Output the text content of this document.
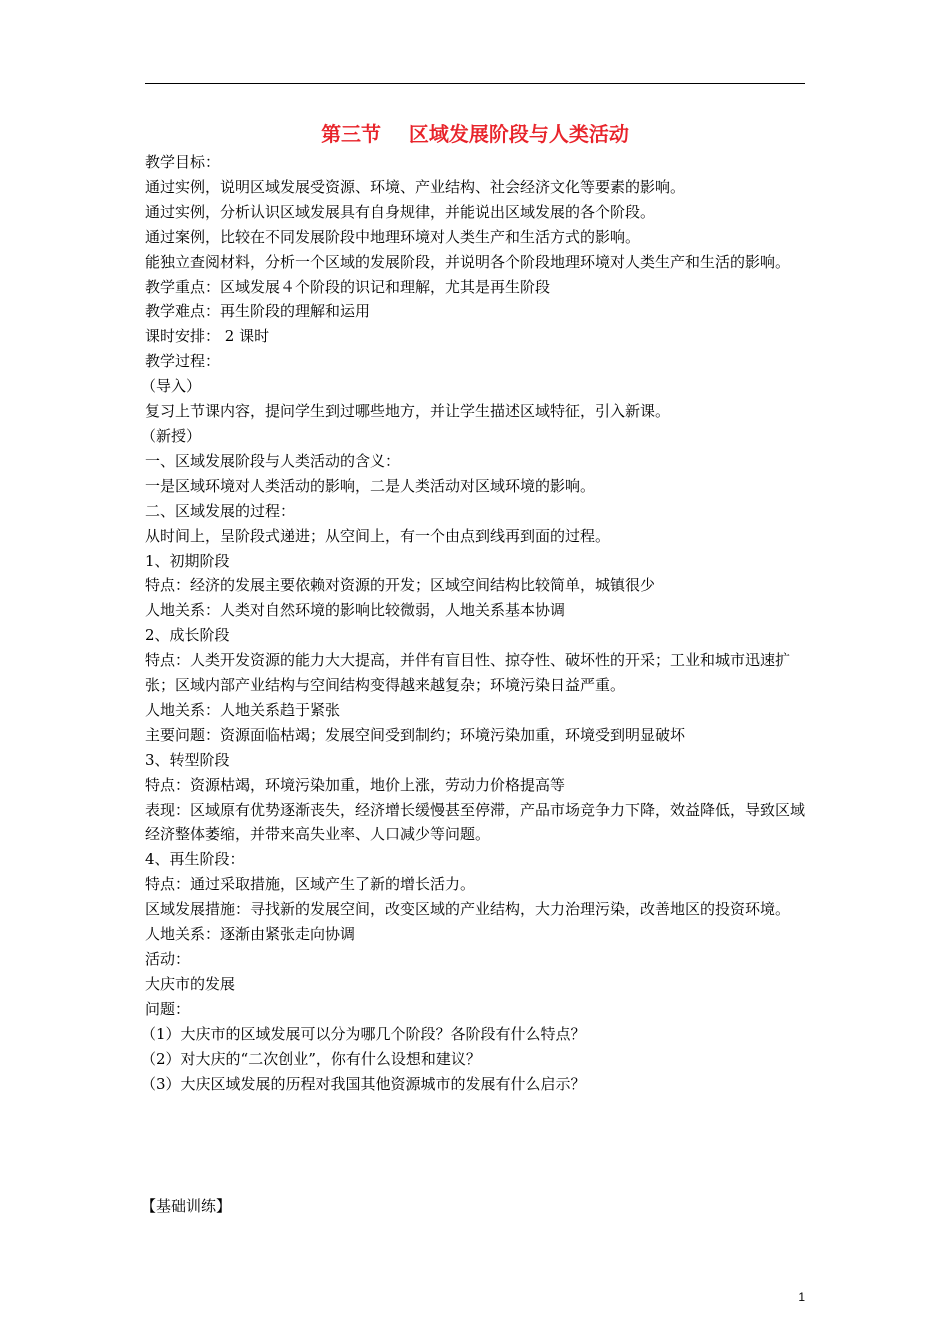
第三节    区域发展阶段与人类活动

教学目标：

通过实例，说明区域发展受资源、环境、产业结构、社会经济文化等要素的影响。

通过实例，分析认识区域发展具有自身规律，并能说出区域发展的各个阶段。

通过案例，比较在不同发展阶段中地理环境对人类生产和生活方式的影响。

能独立查阅材料，分析一个区域的发展阶段，并说明各个阶段地理环境对人类生产和生活的影响。

教学重点：区域发展４个阶段的识记和理解，尤其是再生阶段

教学难点：再生阶段的理解和运用

课时安排： 2 课时

教学过程：

（导入）

复习上节课内容，提问学生到过哪些地方，并让学生描述区域特征，引入新课。

（新授）

一、区域发展阶段与人类活动的含义：

一是区域环境对人类活动的影响，二是人类活动对区域环境的影响。

二、区域发展的过程：

从时间上，呈阶段式递进；从空间上，有一个由点到线再到面的过程。

1、初期阶段

特点：经济的发展主要依赖对资源的开发；区域空间结构比较简单，城镇很少

人地关系：人类对自然环境的影响比较微弱，人地关系基本协调

2、成长阶段

特点：人类开发资源的能力大大提高，并伴有盲目性、掠夺性、破坏性的开采；工业和城市迅速扩张；区域内部产业结构与空间结构变得越来越复杂；环境污染日益严重。

人地关系：人地关系趋于紧张

主要问题：资源面临枯竭；发展空间受到制约；环境污染加重，环境受到明显破坏

3、转型阶段

特点：资源枯竭，环境污染加重，地价上涨，劳动力价格提高等

表现：区域原有优势逐渐丧失，经济增长缓慢甚至停滞，产品市场竞争力下降，效益降低，导致区域经济整体萎缩，并带来高失业率、人口减少等问题。

4、再生阶段：

特点：通过采取措施，区域产生了新的增长活力。

区域发展措施：寻找新的发展空间，改变区域的产业结构，大力治理污染，改善地区的投资环境。

人地关系：逐渐由紧张走向协调

活动：

大庆市的发展

问题：

（1）大庆市的区域发展可以分为哪几个阶段？各阶段有什么特点？

（2）对大庆的“二次创业”，你有什么设想和建议？

（3）大庆区域发展的历程对我国其他资源城市的发展有什么启示？

【基础训练】
1
